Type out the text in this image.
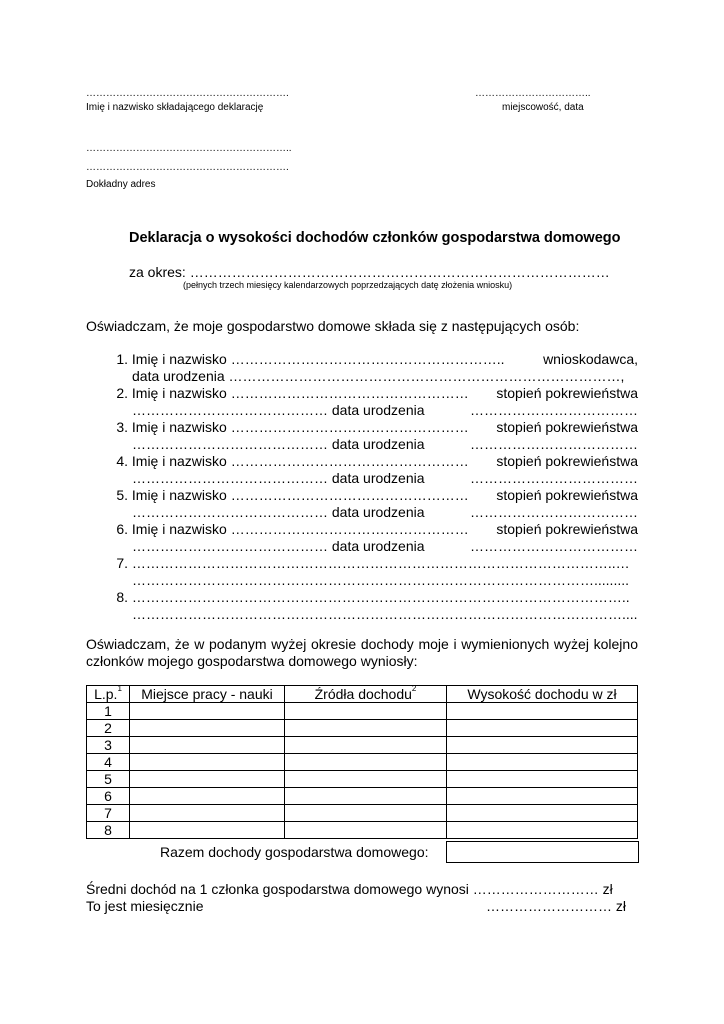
…………………………………………………….
Imię i nazwisko składającego deklarację
……………………………..
miejscowość, data
……………………………………………………..
…………………………………………………….
Dokładny adres
Deklaracja o wysokości dochodów członków gospodarstwa domowego
za okres: ………………………………………………………………………………
(pełnych trzech miesięcy kalendarzowych poprzedzających datę złożenia wniosku)
Oświadczam, że moje gospodarstwo domowe składa się z następujących osób:
1. Imię i nazwisko …………………………………………………..	wnioskodawca,
data urodzenia …………………………………………………………………………,
2. Imię i nazwisko …………………………………………… stopień pokrewieństwa
…………………………………… data urodzenia	………………………………
3. Imię i nazwisko …………………………………………… stopień pokrewieństwa
…………………………………… data urodzenia	………………………………
4. Imię i nazwisko …………………………………………… stopień pokrewieństwa
…………………………………… data urodzenia	………………………………
5. Imię i nazwisko …………………………………………… stopień pokrewieństwa
…………………………………… data urodzenia	………………………………
6. Imię i nazwisko …………………………………………… stopień pokrewieństwa
…………………………………… data urodzenia	………………………………
7. …………………………………………………………………………………………..…
……………………………………………………………………………………….........
8. ……………………………………………………………………………………………..
……………………………………………………………………………………………....
Oświadczam, że w podanym wyżej okresie dochody moje i wymienionych wyżej kolejno członków mojego gospodarstwa domowego wyniosły:
L.p.$^1$	Miejsce pracy - nauki	Źródła dochodu$^2$	Wysokość dochodu w zł
1			
2			
3			
4			
5			
6			
7			
8			
Razem dochody gospodarstwa domowego:
Średni dochód na 1 członka gospodarstwa domowego wynosi ……………………… zł
To jest miesięcznie	……………………… zł
